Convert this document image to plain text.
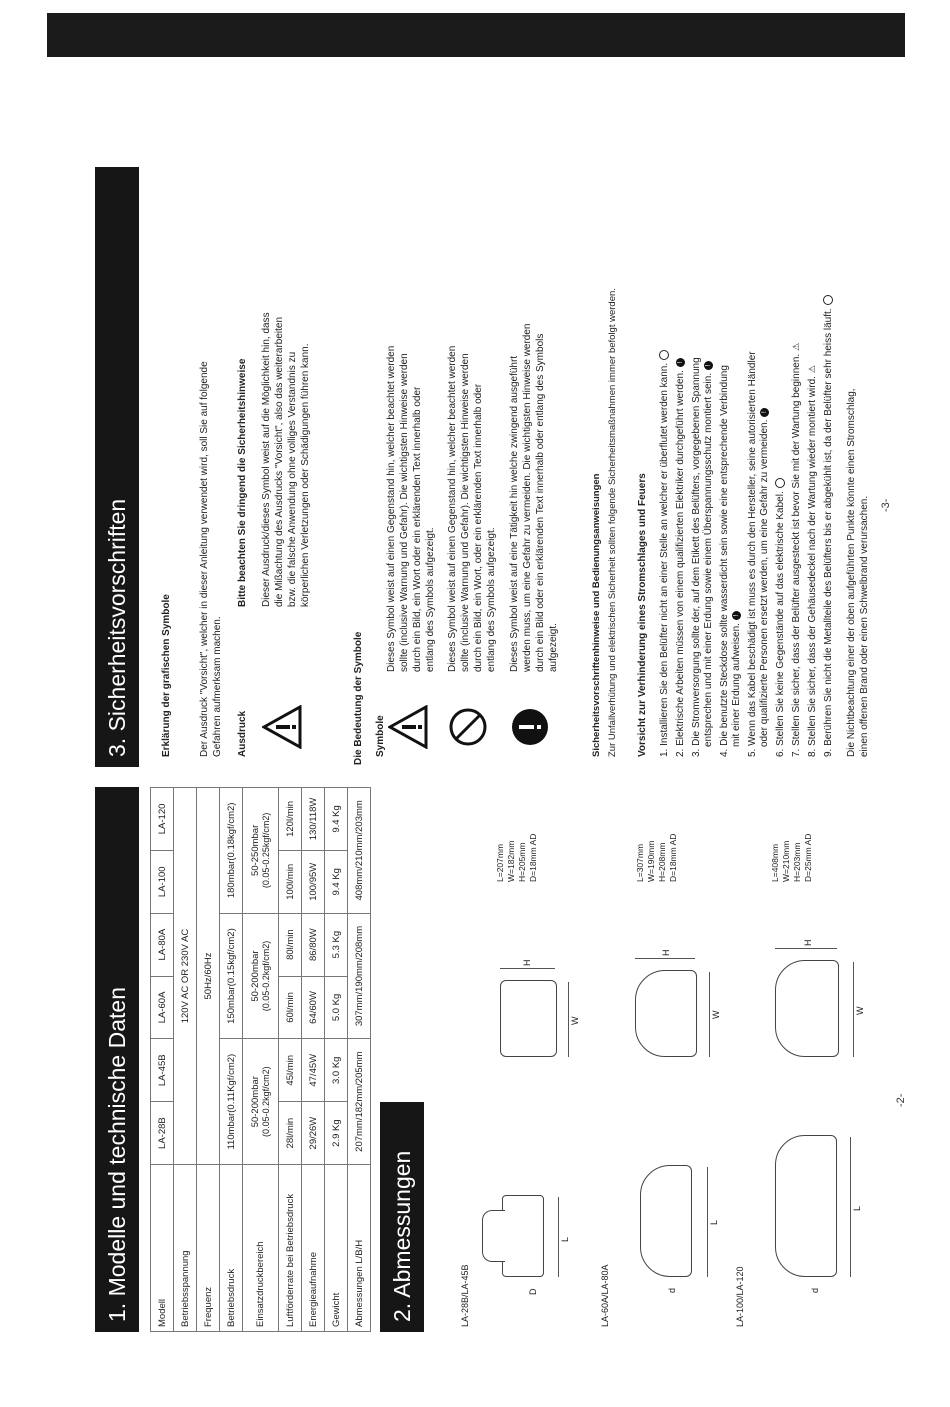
1. Modelle und technische Daten
3. Sicherheitsvorschriften
2. Abmessungen
Modell	LA-28B	LA-45B	LA-60A	LA-80A	LA-100	LA-120
Betriebsspannung	120V AC OR 230V AC					
Frequenz	50Hz/60Hz					
Betriebsdruck	110mbar(0.11Kgf/cm2)		150mbar(0.15kgf/cm2)		180mbar(0.18kgf/cm2)	
Einsatzdruckbereich	50-200mbar (0.05-0.2kgf/cm2)		50-200mbar (0.05-0.2kgf/cm2)		50-250mbar (0.05-0.25kgf/cm2)	

Luftförderrate bei Betriebsdruck	28l/min	45l/min	60l/min	80l/min	100l/min	120l/min
Energieaufnahme	29/26W	47/45W	64/60W	86/80W	100/95W	130/118W
Gewicht	2.9 Kg	3.0 Kg	5.0 Kg	5.3 Kg	9.4 Kg	9.4 Kg
Abmessungen L/B/H	207mm/182mm/205mm		307mm/190mm/208mm		408mm/210mm/203mm	
LA-28B/LA-45B	LA-60A/LA-80A	LA-100/LA-120
L
D
W
H
L=207mm
W=182mm
H=205mm
D=18mm AD
L
d
W
H
L=307mm
W=190mm
H=208mm
D=18mm AD
L
d
W
H
L=408mm
W=210mm
H=203mm
D=25mm AD
-2-
Erklärung der grafischen Symbole	Der Ausdruck "Vorsicht", welcher in dieser Anleitung verwendet wird, soll Sie auf folgende Gefahren aufmerksam machen. Ausdruck
Bitte beachten Sie dringend die Sicherheitshinweise Dieser Ausdruck/dieses Symbol weist auf die Möglichkeit hin, dass die Mißachtung des Ausdrucks "Vorsicht", also das weiterarbeiten bzw. die falsche Anwendung ohne volliges Verstandnis zu körperlichen Verletzungen oder Schädigungen führen kann.
Die Bedeutung der Symbole Symbole
Dieses Symbol weist auf einen Gegenstand hin, welcher beachtet werden sollte (inclusive Warnung und Gefahr). Die wichtigsten Hinweise werden durch ein Bild, ein Wort oder ein erklärenden Text innerhalb oder entlang des Symbols aufgezeigt. Dieses Symbol weist auf einen Gegenstand hin, welcher beachtet werden sollte (inclusive Warnung und Gefahr). Die wichtigsten Hinweise werden durch ein Bild, ein Wort, oder ein erklärenden Text innerhalb oder entlang des Symbols aufgezeigt. Dieses Symbol weist auf eine Tätigkeit hin welche zwingend ausgeführt werden muss, um eine Gefahr zu vermeiden. Die wichtigsten Hinweise werden durch ein Bild oder ein erklärenden Text innerhalb oder entlang des Symbols aufgezeigt.	Sicherheitsvorschriftenhinweise und Bedienungsanweisungen Zur Unfallverhütung und elektrischen Sicherheit sollten folgende Sicherheitsmaßnahmen immer befolgt werden. Vorsicht zur Verhinderung eines Stromschlages und Feuers 1. Installieren Sie den Belüfter nicht an einer Stelle an welcher er überflutet werden kann. 2. Elektrische Arbeiten müssen von einem qualifizierten Elektriker durchgeführt werden.! 3. Die Stromversorgung sollte der, auf dem Etikett des Belüfters, vorgegebenen Spannung entsprechen und mit einer Erdung sowie einem Überspannungsschutz montiert sein.! 4. Die benutzte Steckdose sollte wasserdicht sein sowie eine entsprechende Verbindung mit einer Erdung aufweisen.! 5. Wenn das Kabel beschädigt ist muss es durch den Hersteller, seine autorisierten Händler oder qualifizierte Personen ersetzt werden, um eine Gefahr zu vermeiden.!
6. Stellen Sie keine Gegenstände auf das elektrische Kabel. 7. Stellen Sie sicher, dass der Belüfter ausgesteckt ist bevor Sie mit der Wartung beginnen.⚠
8. Stellen Sie sicher, dass der Gehäusedeckel nach der Wartung wieder montiert wird.⚠ 9. Berühren Sie nicht die Metallteile des Belüfters bis er abgekühlt ist, da der Belüfter sehr heiss läuft. Die Nichtbeachtung einer der oben aufgeführten Punkte könnte einen Stromschlag, einen offenen Brand oder einen Schwelbrand verursachen. -3-
